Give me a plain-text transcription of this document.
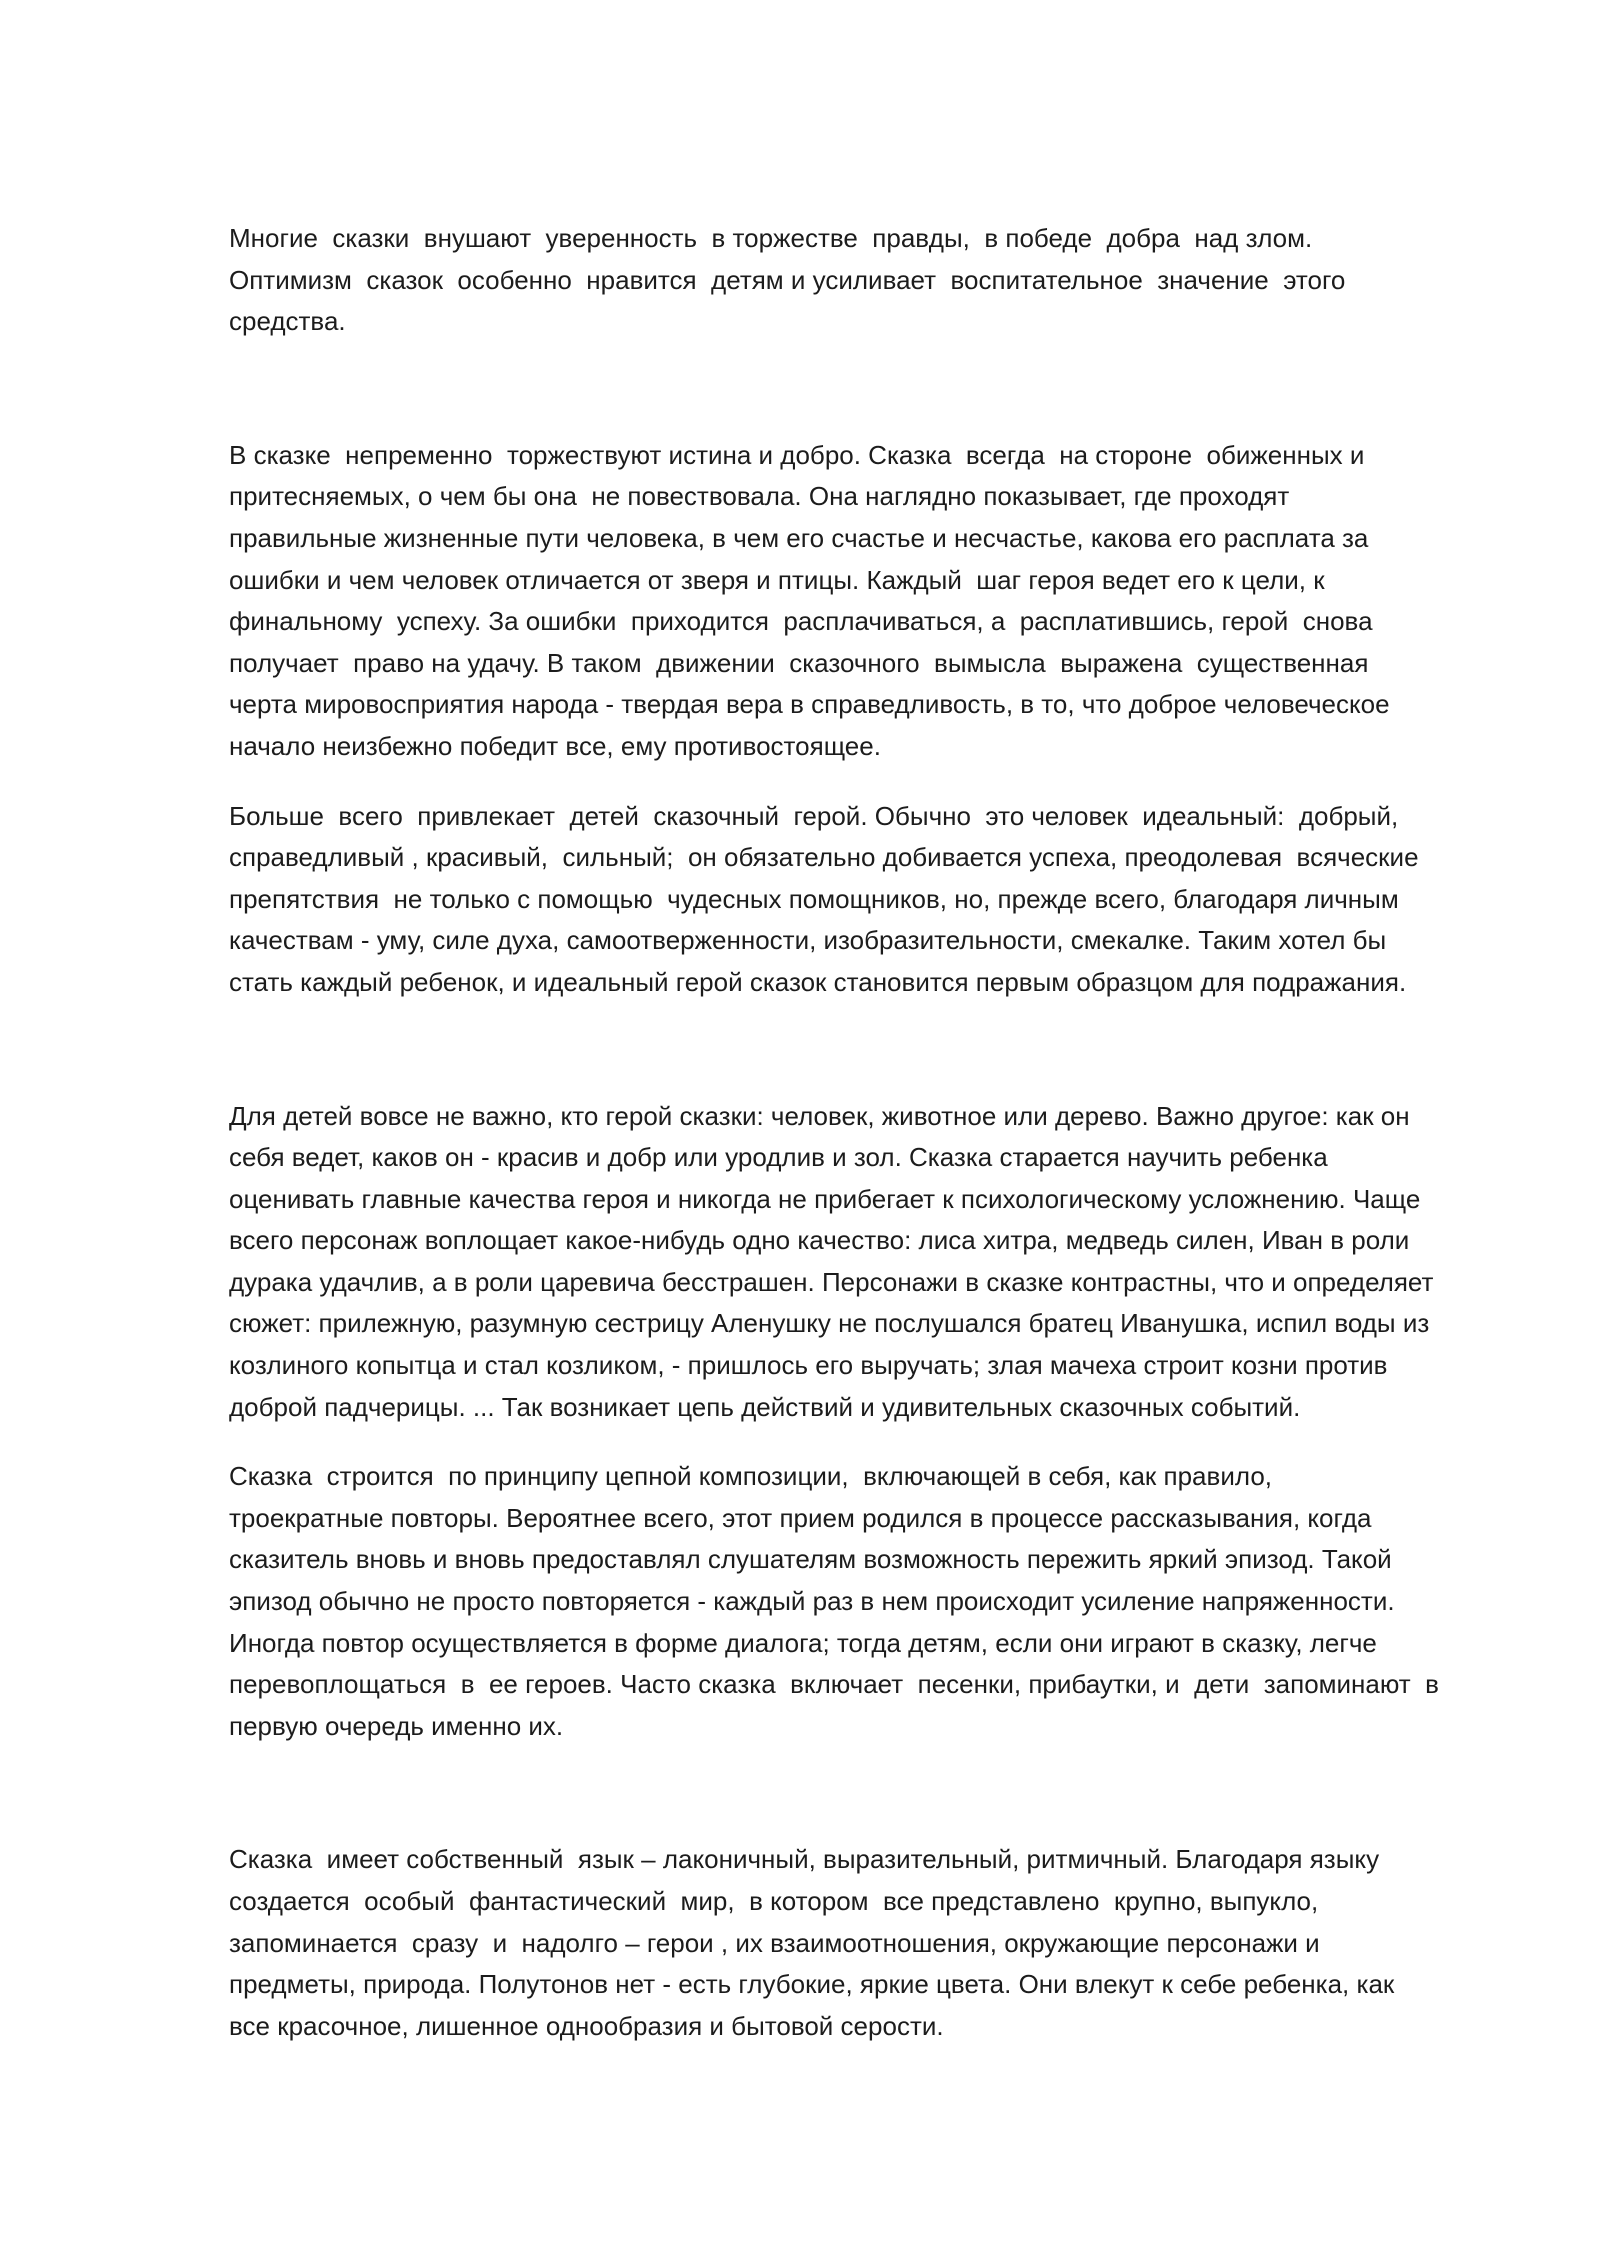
Многие  сказки  внушают  уверенность  в торжестве  правды,  в победе  добра  над злом.
Оптимизм  сказок  особенно  нравится  детям и усиливает  воспитательное  значение  этого
средства.
В сказке  непременно  торжествуют истина и добро. Сказка  всегда  на стороне  обиженных и
притесняемых, о чем бы она  не повествовала. Она наглядно показывает, где проходят
правильные жизненные пути человека, в чем его счастье и несчастье, какова его расплата за
ошибки и чем человек отличается от зверя и птицы. Каждый  шаг героя ведет его к цели, к
финальному  успеху. За ошибки  приходится  расплачиваться, а  расплатившись, герой  снова
получает  право на удачу. В таком  движении  сказочного  вымысла  выражена  существенная
черта мировосприятия народа - твердая вера в справедливость, в то, что доброе человеческое
начало неизбежно победит все, ему противостоящее.
Больше  всего  привлекает  детей  сказочный  герой. Обычно  это человек  идеальный:  добрый,
справедливый , красивый,  сильный;  он обязательно добивается успеха, преодолевая  всяческие
препятствия  не только с помощью  чудесных помощников, но, прежде всего, благодаря личным
качествам - уму, силе духа, самоотверженности, изобразительности, смекалке. Таким хотел бы
стать каждый ребенок, и идеальный герой сказок становится первым образцом для подражания.
Для детей вовсе не важно, кто герой сказки: человек, животное или дерево. Важно другое: как он
себя ведет, каков он - красив и добр или уродлив и зол. Сказка старается научить ребенка
оценивать главные качества героя и никогда не прибегает к психологическому усложнению. Чаще
всего персонаж воплощает какое-нибудь одно качество: лиса хитра, медведь силен, Иван в роли
дурака удачлив, а в роли царевича бесстрашен. Персонажи в сказке контрастны, что и определяет
сюжет: прилежную, разумную сестрицу Аленушку не послушался братец Иванушка, испил воды из
козлиного копытца и стал козликом, - пришлось его выручать; злая мачеха строит козни против
доброй падчерицы. ... Так возникает цепь действий и удивительных сказочных событий.
Сказка  строится  по принципу цепной композиции,  включающей в себя, как правило,
троекратные повторы. Вероятнее всего, этот прием родился в процессе рассказывания, когда
сказитель вновь и вновь предоставлял слушателям возможность пережить яркий эпизод. Такой
эпизод обычно не просто повторяется - каждый раз в нем происходит усиление напряженности.
Иногда повтор осуществляется в форме диалога; тогда детям, если они играют в сказку, легче
перевоплощаться  в  ее героев. Часто сказка  включает  песенки, прибаутки, и  дети  запоминают  в
первую очередь именно их.
Сказка  имеет собственный  язык – лаконичный, выразительный, ритмичный. Благодаря языку
создается  особый  фантастический  мир,  в котором  все представлено  крупно, выпукло,
запоминается  сразу  и  надолго – герои , их взаимоотношения, окружающие персонажи и
предметы, природа. Полутонов нет - есть глубокие, яркие цвета. Они влекут к себе ребенка, как
все красочное, лишенное однообразия и бытовой серости.
